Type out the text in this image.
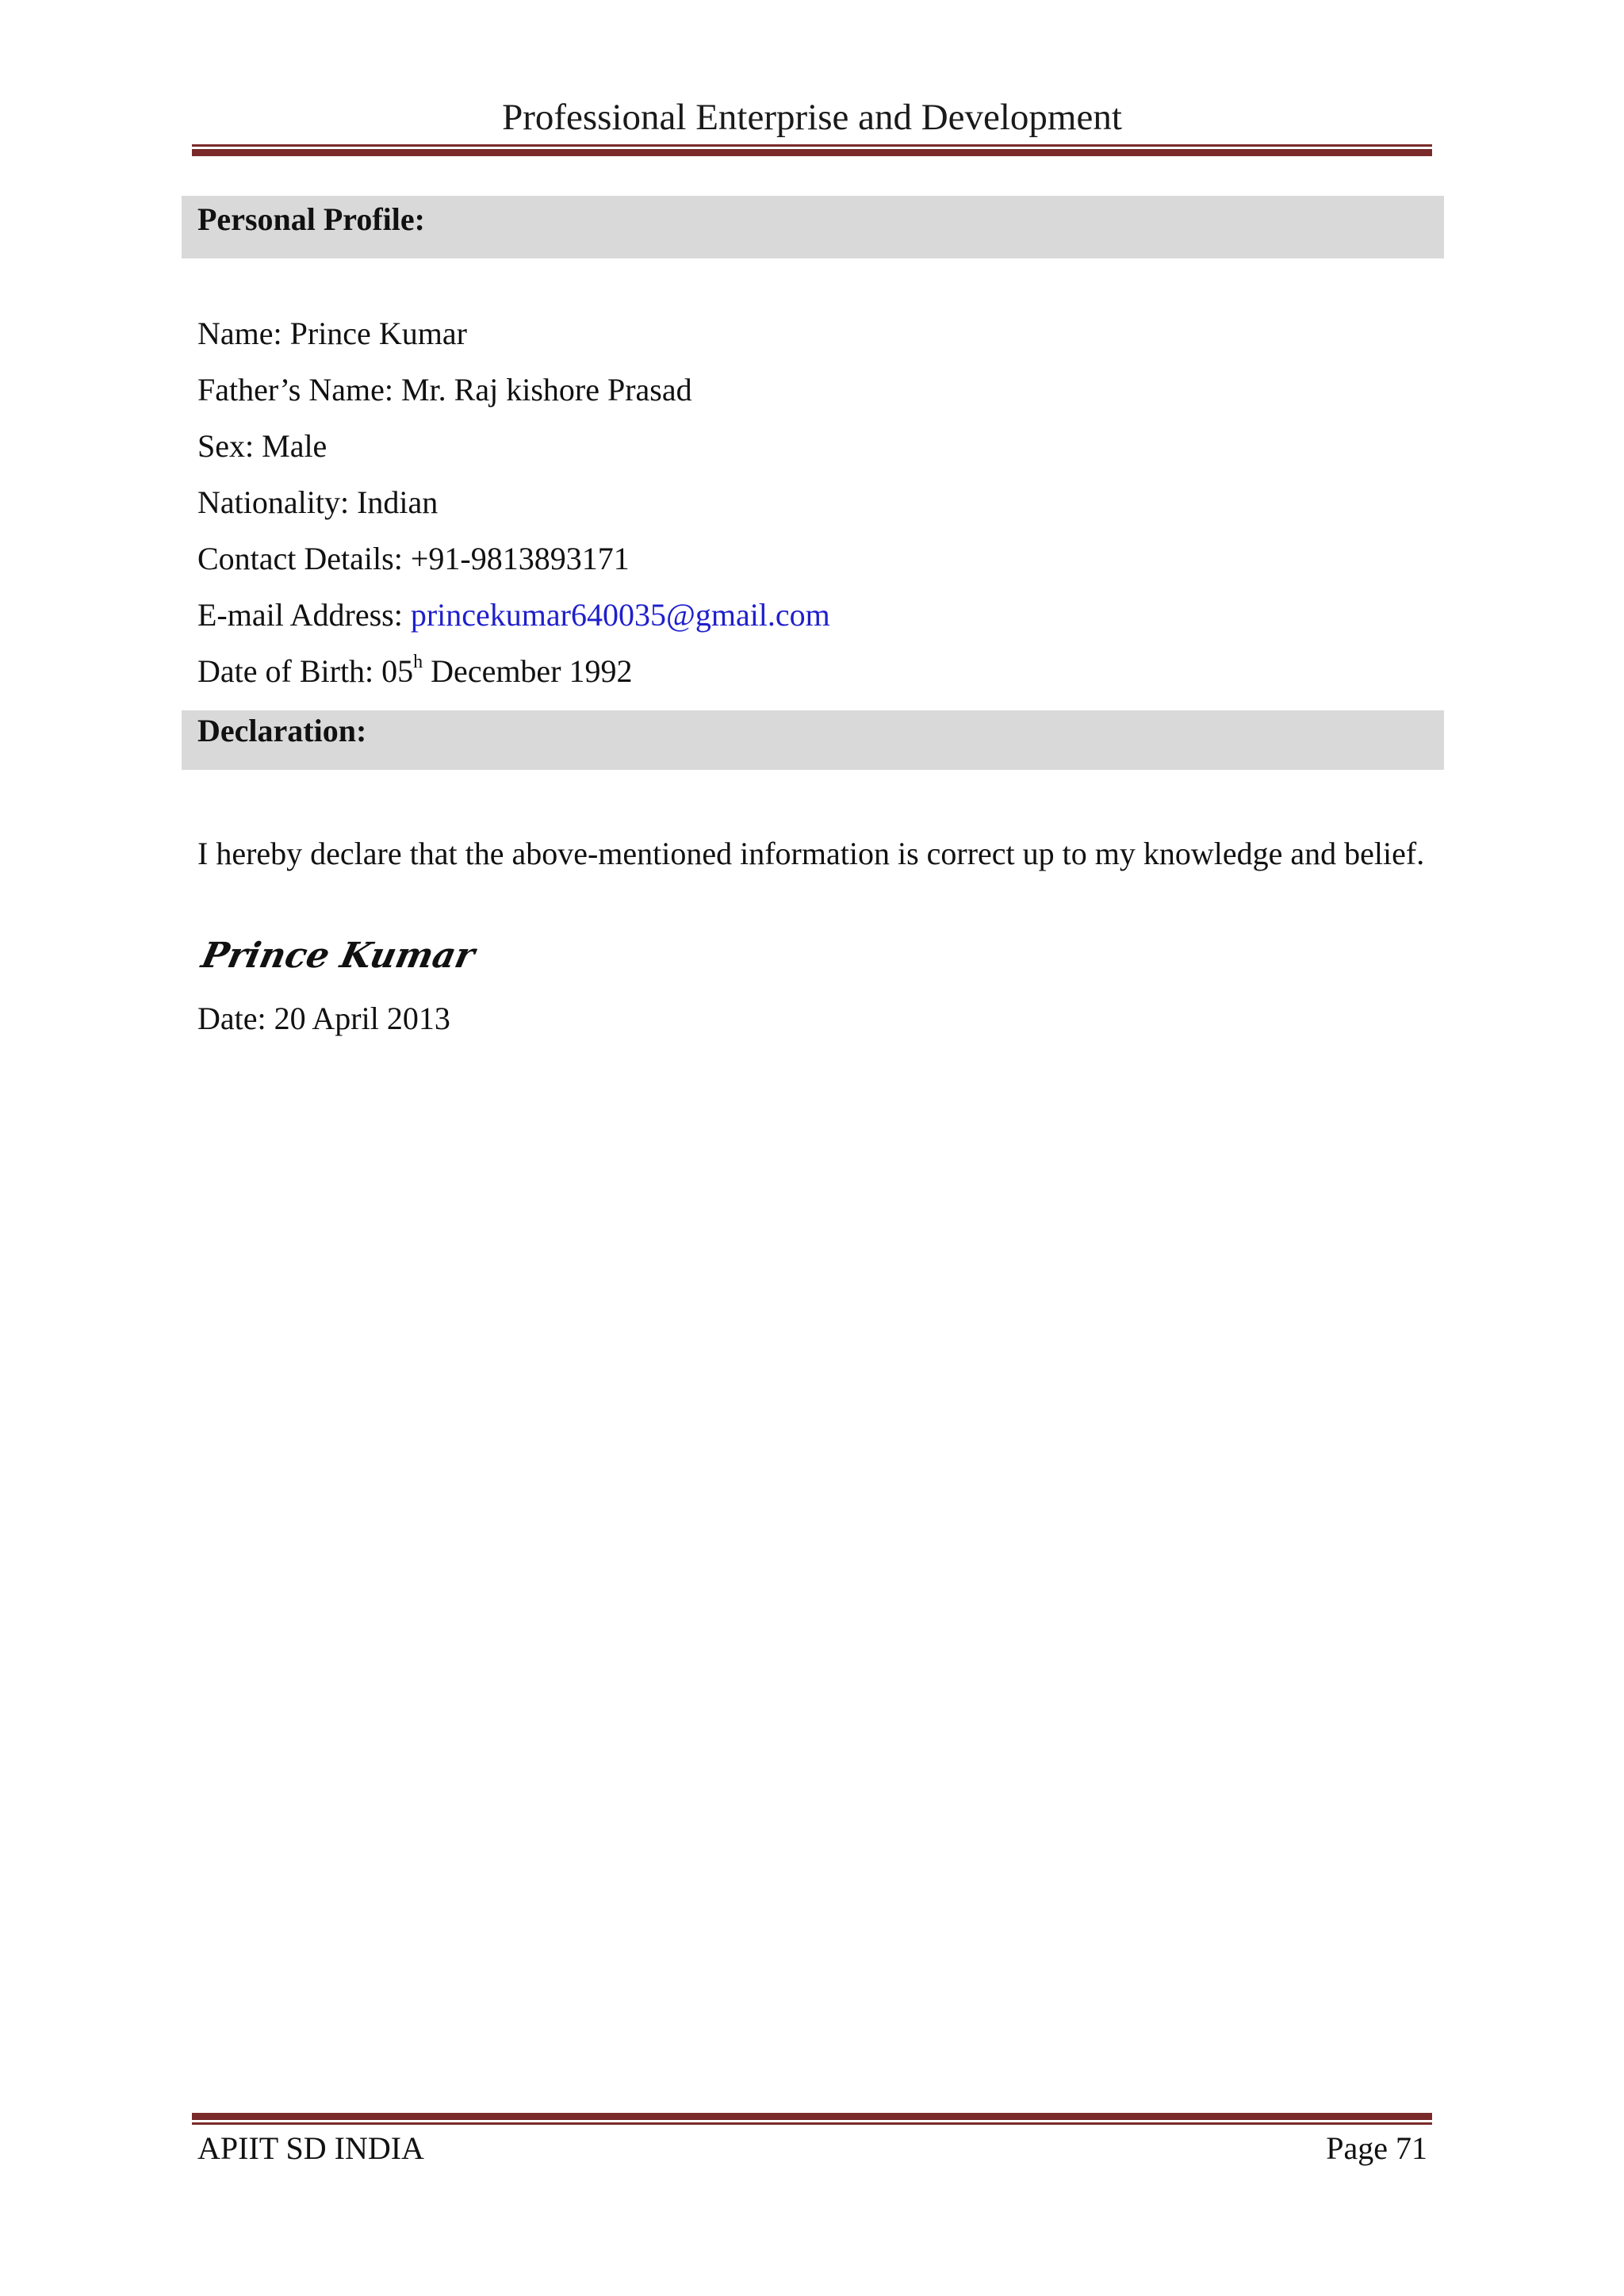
Professional Enterprise and Development
Personal Profile:
Name: Prince Kumar
Father’s Name: Mr. Raj kishore Prasad
Sex: Male
Nationality: Indian
Contact Details: +91-9813893171
E-mail Address: princekumar640035@gmail.com
Date of Birth: 05$^h$ December 1992
Declaration:
I hereby declare that the above-mentioned information is correct up to my knowledge and belief.
Prince Kumar
Date: 20 April 2013
APIIT SD INDIA	Page 71
